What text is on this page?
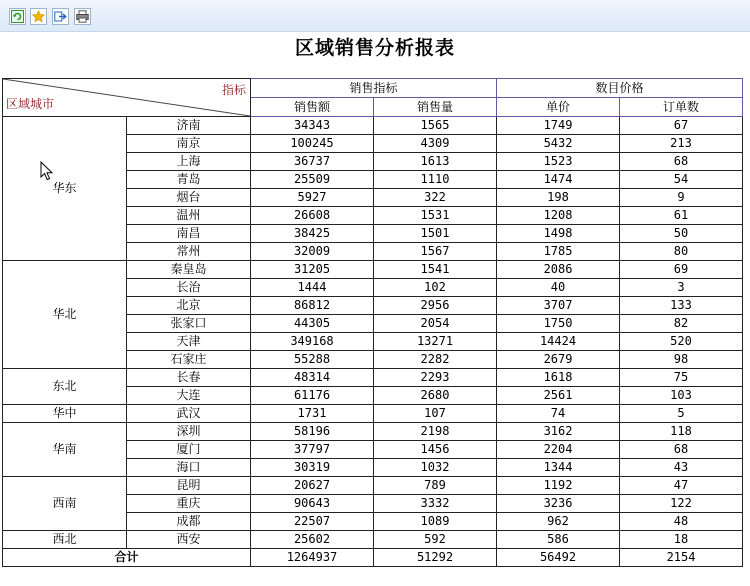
区域销售分析报表
指标
区域城市		销售指标		数目价格	
		销售额	销售量	单价	订单数
华东	济南	34343	1565	1749	67
	南京	100245	4309	5432	213
	上海	36737	1613	1523	68
	青岛	25509	1110	1474	54
	烟台	5927	322	198	9
	温州	26608	1531	1208	61
	南昌	38425	1501	1498	50
	常州	32009	1567	1785	80
华北	秦皇岛	31205	1541	2086	69
	长治	1444	102	40	3
	北京	86812	2956	3707	133
	张家口	44305	2054	1750	82
	天津	349168	13271	14424	520
	石家庄	55288	2282	2679	98
东北	长春	48314	2293	1618	75
	大连	61176	2680	2561	103
华中	武汉	1731	107	74	5
华南	深圳	58196	2198	3162	118
	厦门	37797	1456	2204	68
	海口	30319	1032	1344	43
西南	昆明	20627	789	1192	47
	重庆	90643	3332	3236	122
	成都	22507	1089	962	48
西北	西安	25602	592	586	18
合计		1264937	51292	56492	2154
